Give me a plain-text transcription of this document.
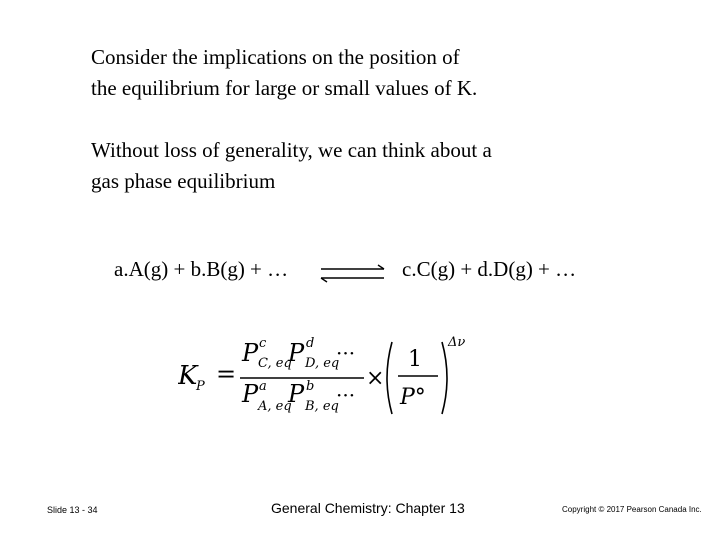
Consider the implications on the position of
the equilibrium for large or small values of K.
Without loss of generality, we can think about a
gas phase equilibrium
a.A(g) + b.B(g) + …	c.C(g) + d.D(g) + …
K
P =
P c
C, eq
P d
D, eq
···
P a
A, eq
P b
B, eq
···
×
1
P°
Δν
Slide 13 - 34	General Chemistry: Chapter 13	Copyright © 2017 Pearson Canada Inc.
